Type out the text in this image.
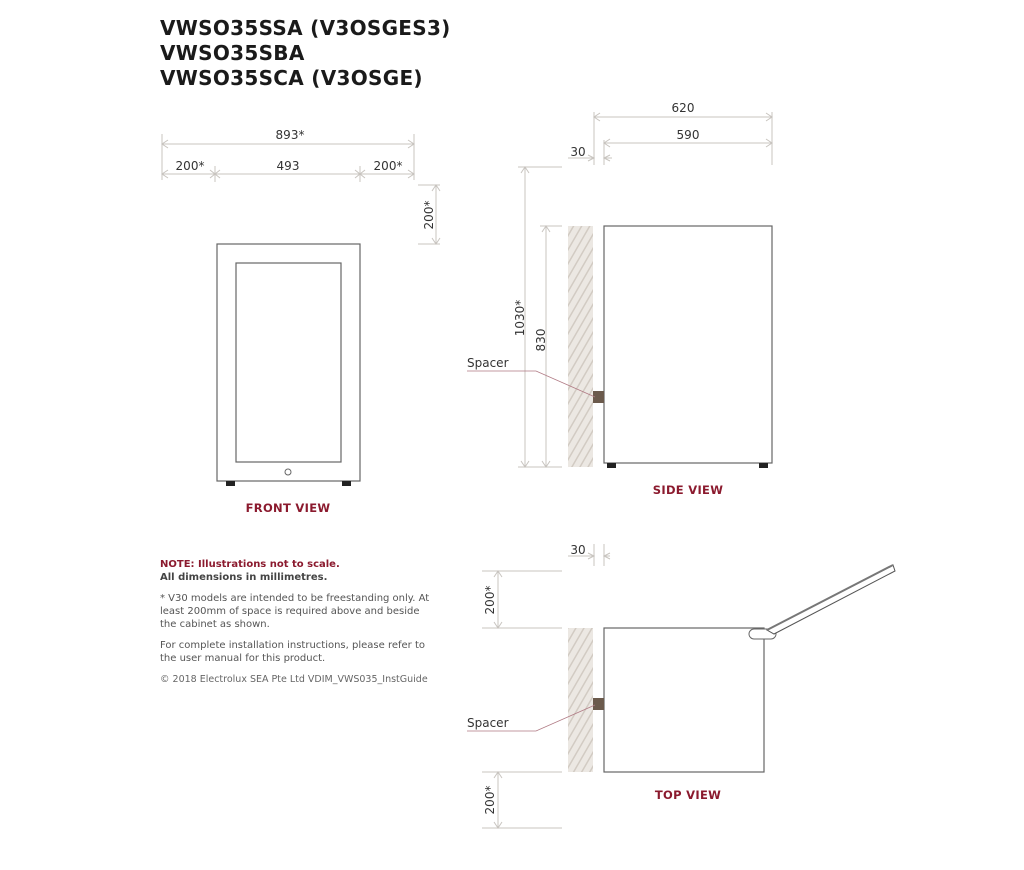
VWSO35SSA (V3OSGES3)
VWSO35SBA
VWSO35SCA (V3OSGE)
893*
200*	493	200*
200*
FRONT VIEW
620
590
30
1030*
830
Spacer
SIDE VIEW
30
200*
200*
Spacer
TOP VIEW

NOTE: Illustrations not to scale.
All dimensions in millimetres.

* V30 models are intended to be freestanding only. At least 200mm of space is required above and beside the cabinet as shown.

For complete installation instructions, please refer to the user manual for this product.

© 2018 Electrolux SEA Pte Ltd VDIM_VWS035_InstGuide
